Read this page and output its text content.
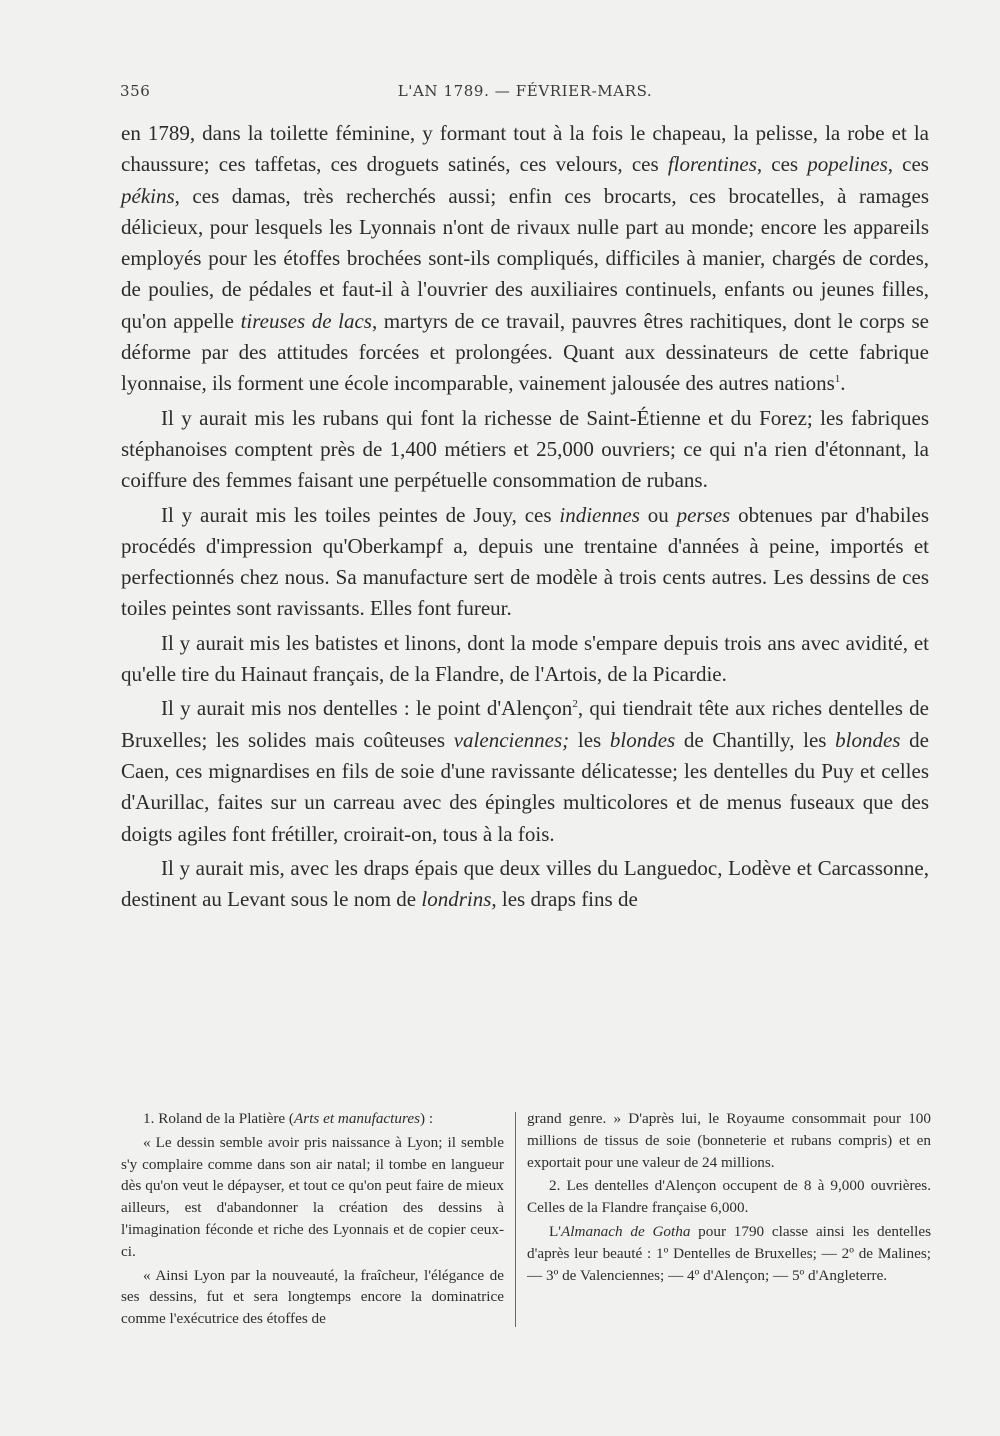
356	L'AN 1789. — FÉVRIER-MARS.

en 1789, dans la toilette féminine, y formant tout à la fois le chapeau, la pelisse, la robe et la chaussure; ces taffetas, ces droguets satinés, ces velours, ces florentines, ces popelines, ces pékins, ces damas, très recherchés aussi; enfin ces brocarts, ces brocatelles, à ramages délicieux, pour lesquels les Lyonnais n'ont de rivaux nulle part au monde; encore les appareils employés pour les étoffes brochées sont-ils compliqués, difficiles à manier, chargés de cordes, de poulies, de pédales et faut-il à l'ouvrier des auxiliaires continuels, enfants ou jeunes filles, qu'on appelle tireuses de lacs, martyrs de ce travail, pauvres êtres rachitiques, dont le corps se déforme par des attitudes forcées et prolongées. Quant aux dessinateurs de cette fabrique lyonnaise, ils forment une école incomparable, vainement jalousée des autres nations$^1$.

Il y aurait mis les rubans qui font la richesse de Saint-Étienne et du Forez; les fabriques stéphanoises comptent près de 1,400 métiers et 25,000 ouvriers; ce qui n'a rien d'étonnant, la coiffure des femmes faisant une perpétuelle consommation de rubans.

Il y aurait mis les toiles peintes de Jouy, ces indiennes ou perses obtenues par d'habiles procédés d'impression qu'Oberkampf a, depuis une trentaine d'années à peine, importés et perfectionnés chez nous. Sa manufacture sert de modèle à trois cents autres. Les dessins de ces toiles peintes sont ravissants. Elles font fureur.

Il y aurait mis les batistes et linons, dont la mode s'empare depuis trois ans avec avidité, et qu'elle tire du Hainaut français, de la Flandre, de l'Artois, de la Picardie.

Il y aurait mis nos dentelles : le point d'Alençon$^2$, qui tiendrait tête aux riches dentelles de Bruxelles; les solides mais coûteuses valenciennes; les blondes de Chantilly, les blondes de Caen, ces mignardises en fils de soie d'une ravissante délicatesse; les dentelles du Puy et celles d'Aurillac, faites sur un carreau avec des épingles multicolores et de menus fuseaux que des doigts agiles font frétiller, croirait-on, tous à la fois.

Il y aurait mis, avec les draps épais que deux villes du Languedoc, Lodève et Carcassonne, destinent au Levant sous le nom de londrins, les draps fins de

1. Roland de la Platière (Arts et manufactures) :

« Le dessin semble avoir pris naissance à Lyon; il semble s'y complaire comme dans son air natal; il tombe en langueur dès qu'on veut le dépayser, et tout ce qu'on peut faire de mieux ailleurs, est d'abandonner la création des dessins à l'imagination féconde et riche des Lyonnais et de copier ceux-ci.

« Ainsi Lyon par la nouveauté, la fraîcheur, l'élégance de ses dessins, fut et sera longtemps encore la dominatrice comme l'exécutrice des étoffes de

grand genre. » D'après lui, le Royaume consommait pour 100 millions de tissus de soie (bonneterie et rubans compris) et en exportait pour une valeur de 24 millions.

2. Les dentelles d'Alençon occupent de 8 à 9,000 ouvrières. Celles de la Flandre française 6,000.

L'Almanach de Gotha pour 1790 classe ainsi les dentelles d'après leur beauté : 1º Dentelles de Bruxelles; — 2º de Malines; — 3º de Valenciennes; — 4º d'Alençon; — 5º d'Angleterre.
